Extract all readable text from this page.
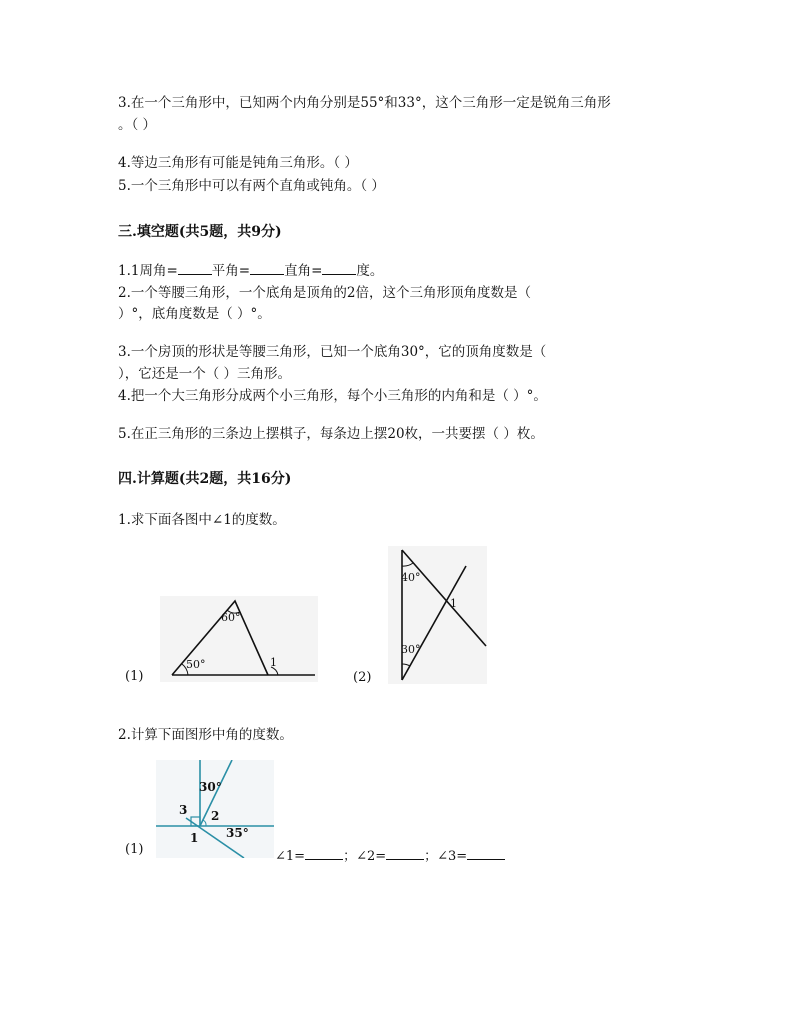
3.在一个三角形中，已知两个内角分别是55°和33°，这个三角形一定是锐角三角形
。（ ）
4.等边三角形有可能是钝角三角形。（ ）
5.一个三角形中可以有两个直角或钝角。（ ）
三.填空题(共5题，共9分)
1.1周角=	平角=	直角=	度。
2.一个等腰三角形，一个底角是顶角的2倍，这个三角形顶角度数是（
）°，底角度数是（ ）°。
3.一个房顶的形状是等腰三角形，已知一个底角30°，它的顶角度数是（
），它还是一个（ ）三角形。
4.把一个大三角形分成两个小三角形，每个小三角形的内角和是（ ）°。
5.在正三角形的三条边上摆棋子，每条边上摆20枚，一共要摆（ ）枚。
四.计算题(共2题，共16分)
1.求下面各图中∠1的度数。
(1)
50°
60°
1
(2)
40°
30°
1
2.计算下面图形中角的度数。
(1)
30°
35°
3 2
1
∠1=	；∠2=	；∠3=
